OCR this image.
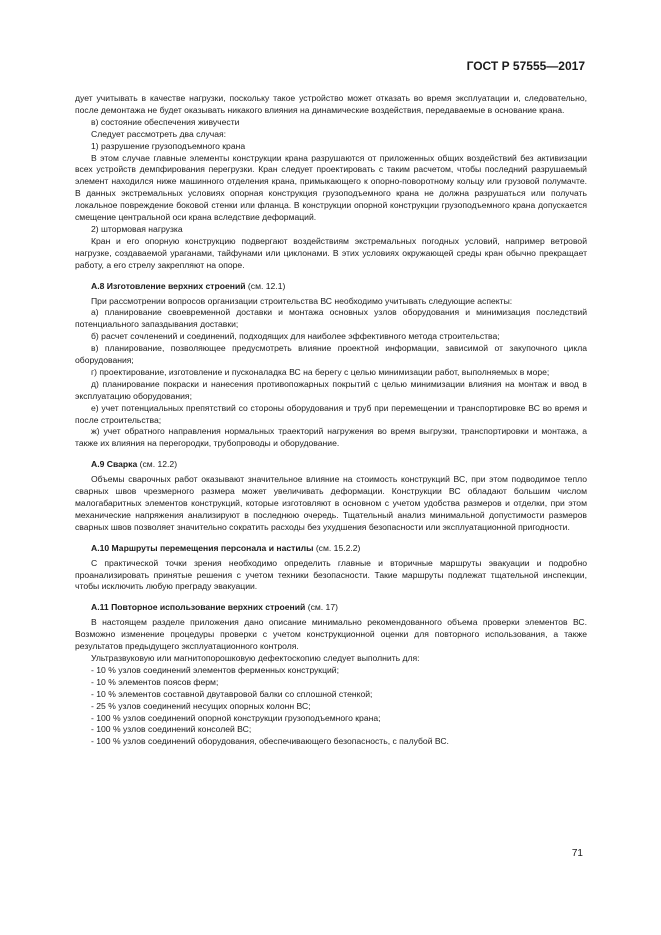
ГОСТ Р 57555—2017

дует учитывать в качестве нагрузки, поскольку такое устройство может отказать во время эксплуатации и, следовательно, после демонтажа не будет оказывать никакого влияния на динамические воздействия, передаваемые в основание крана.

в) состояние обеспечения живучести

Следует рассмотреть два случая:

1) разрушение грузоподъемного крана

В этом случае главные элементы конструкции крана разрушаются от приложенных общих воздействий без активизации всех устройств демпфирования перегрузки. Кран следует проектировать с таким расчетом, чтобы последний разрушаемый элемент находился ниже машинного отделения крана, примыкающего к опорно-поворотному кольцу или грузовой полумачте. В данных экстремальных условиях опорная конструкция грузоподъемного крана не должна разрушаться или получать локальное повреждение боковой стенки или фланца. В конструкции опорной конструкции грузоподъемного крана допускается смещение центральной оси крана вследствие деформаций.

2) штормовая нагрузка

Кран и его опорную конструкцию подвергают воздействиям экстремальных погодных условий, например ветровой нагрузке, создаваемой ураганами, тайфунами или циклонами. В этих условиях окружающей среды кран обычно прекращает работу, а его стрелу закрепляют на опоре.

А.8 Изготовление верхних строений (см. 12.1)

При рассмотрении вопросов организации строительства ВС необходимо учитывать следующие аспекты:

а) планирование своевременной доставки и монтажа основных узлов оборудования и минимизация последствий потенциального запаздывания доставки;

б) расчет сочленений и соединений, подходящих для наиболее эффективного метода строительства;

в) планирование, позволяющее предусмотреть влияние проектной информации, зависимой от закупочного цикла оборудования;

г) проектирование, изготовление и пусконаладка ВС на берегу с целью минимизации работ, выполняемых в море;

д) планирование покраски и нанесения противопожарных покрытий с целью минимизации влияния на монтаж и ввод в эксплуатацию оборудования;

е) учет потенциальных препятствий со стороны оборудования и труб при перемещении и транспортировке ВС во время и после строительства;

ж) учет обратного направления нормальных траекторий нагружения во время выгрузки, транспортировки и монтажа, а также их влияния на перегородки, трубопроводы и оборудование.

А.9 Сварка (см. 12.2)

Объемы сварочных работ оказывают значительное влияние на стоимость конструкций ВС, при этом подводимое тепло сварных швов чрезмерного размера может увеличивать деформации. Конструкции ВС обладают большим числом малогабаритных элементов конструкций, которые изготовляют в основном с учетом удобства размеров и отделки, при этом механические напряжения анализируют в последнюю очередь. Тщательный анализ минимальной допустимости размеров сварных швов позволяет значительно сократить расходы без ухудшения безопасности или эксплуатационной пригодности.

А.10 Маршруты перемещения персонала и настилы (см. 15.2.2)

С практической точки зрения необходимо определить главные и вторичные маршруты эвакуации и подробно проанализировать принятые решения с учетом техники безопасности. Такие маршруты подлежат тщательной инспекции, чтобы исключить любую преграду эвакуации.

А.11 Повторное использование верхних строений (см. 17)

В настоящем разделе приложения дано описание минимально рекомендованного объема проверки элементов ВС. Возможно изменение процедуры проверки с учетом конструкционной оценки для повторного использования, а также результатов предыдущего эксплуатационного контроля.

Ультразвуковую или магнитопорошковую дефектоскопию следует выполнить для:

- 10 % узлов соединений элементов ферменных конструкций;

- 10 % элементов поясов ферм;

- 10 % элементов составной двутавровой балки со сплошной стенкой;

- 25 % узлов соединений несущих опорных колонн ВС;

- 100 % узлов соединений опорной конструкции грузоподъемного крана;

- 100 % узлов соединений консолей ВС;

- 100 % узлов соединений оборудования, обеспечивающего безопасность, с палубой ВС.

71
